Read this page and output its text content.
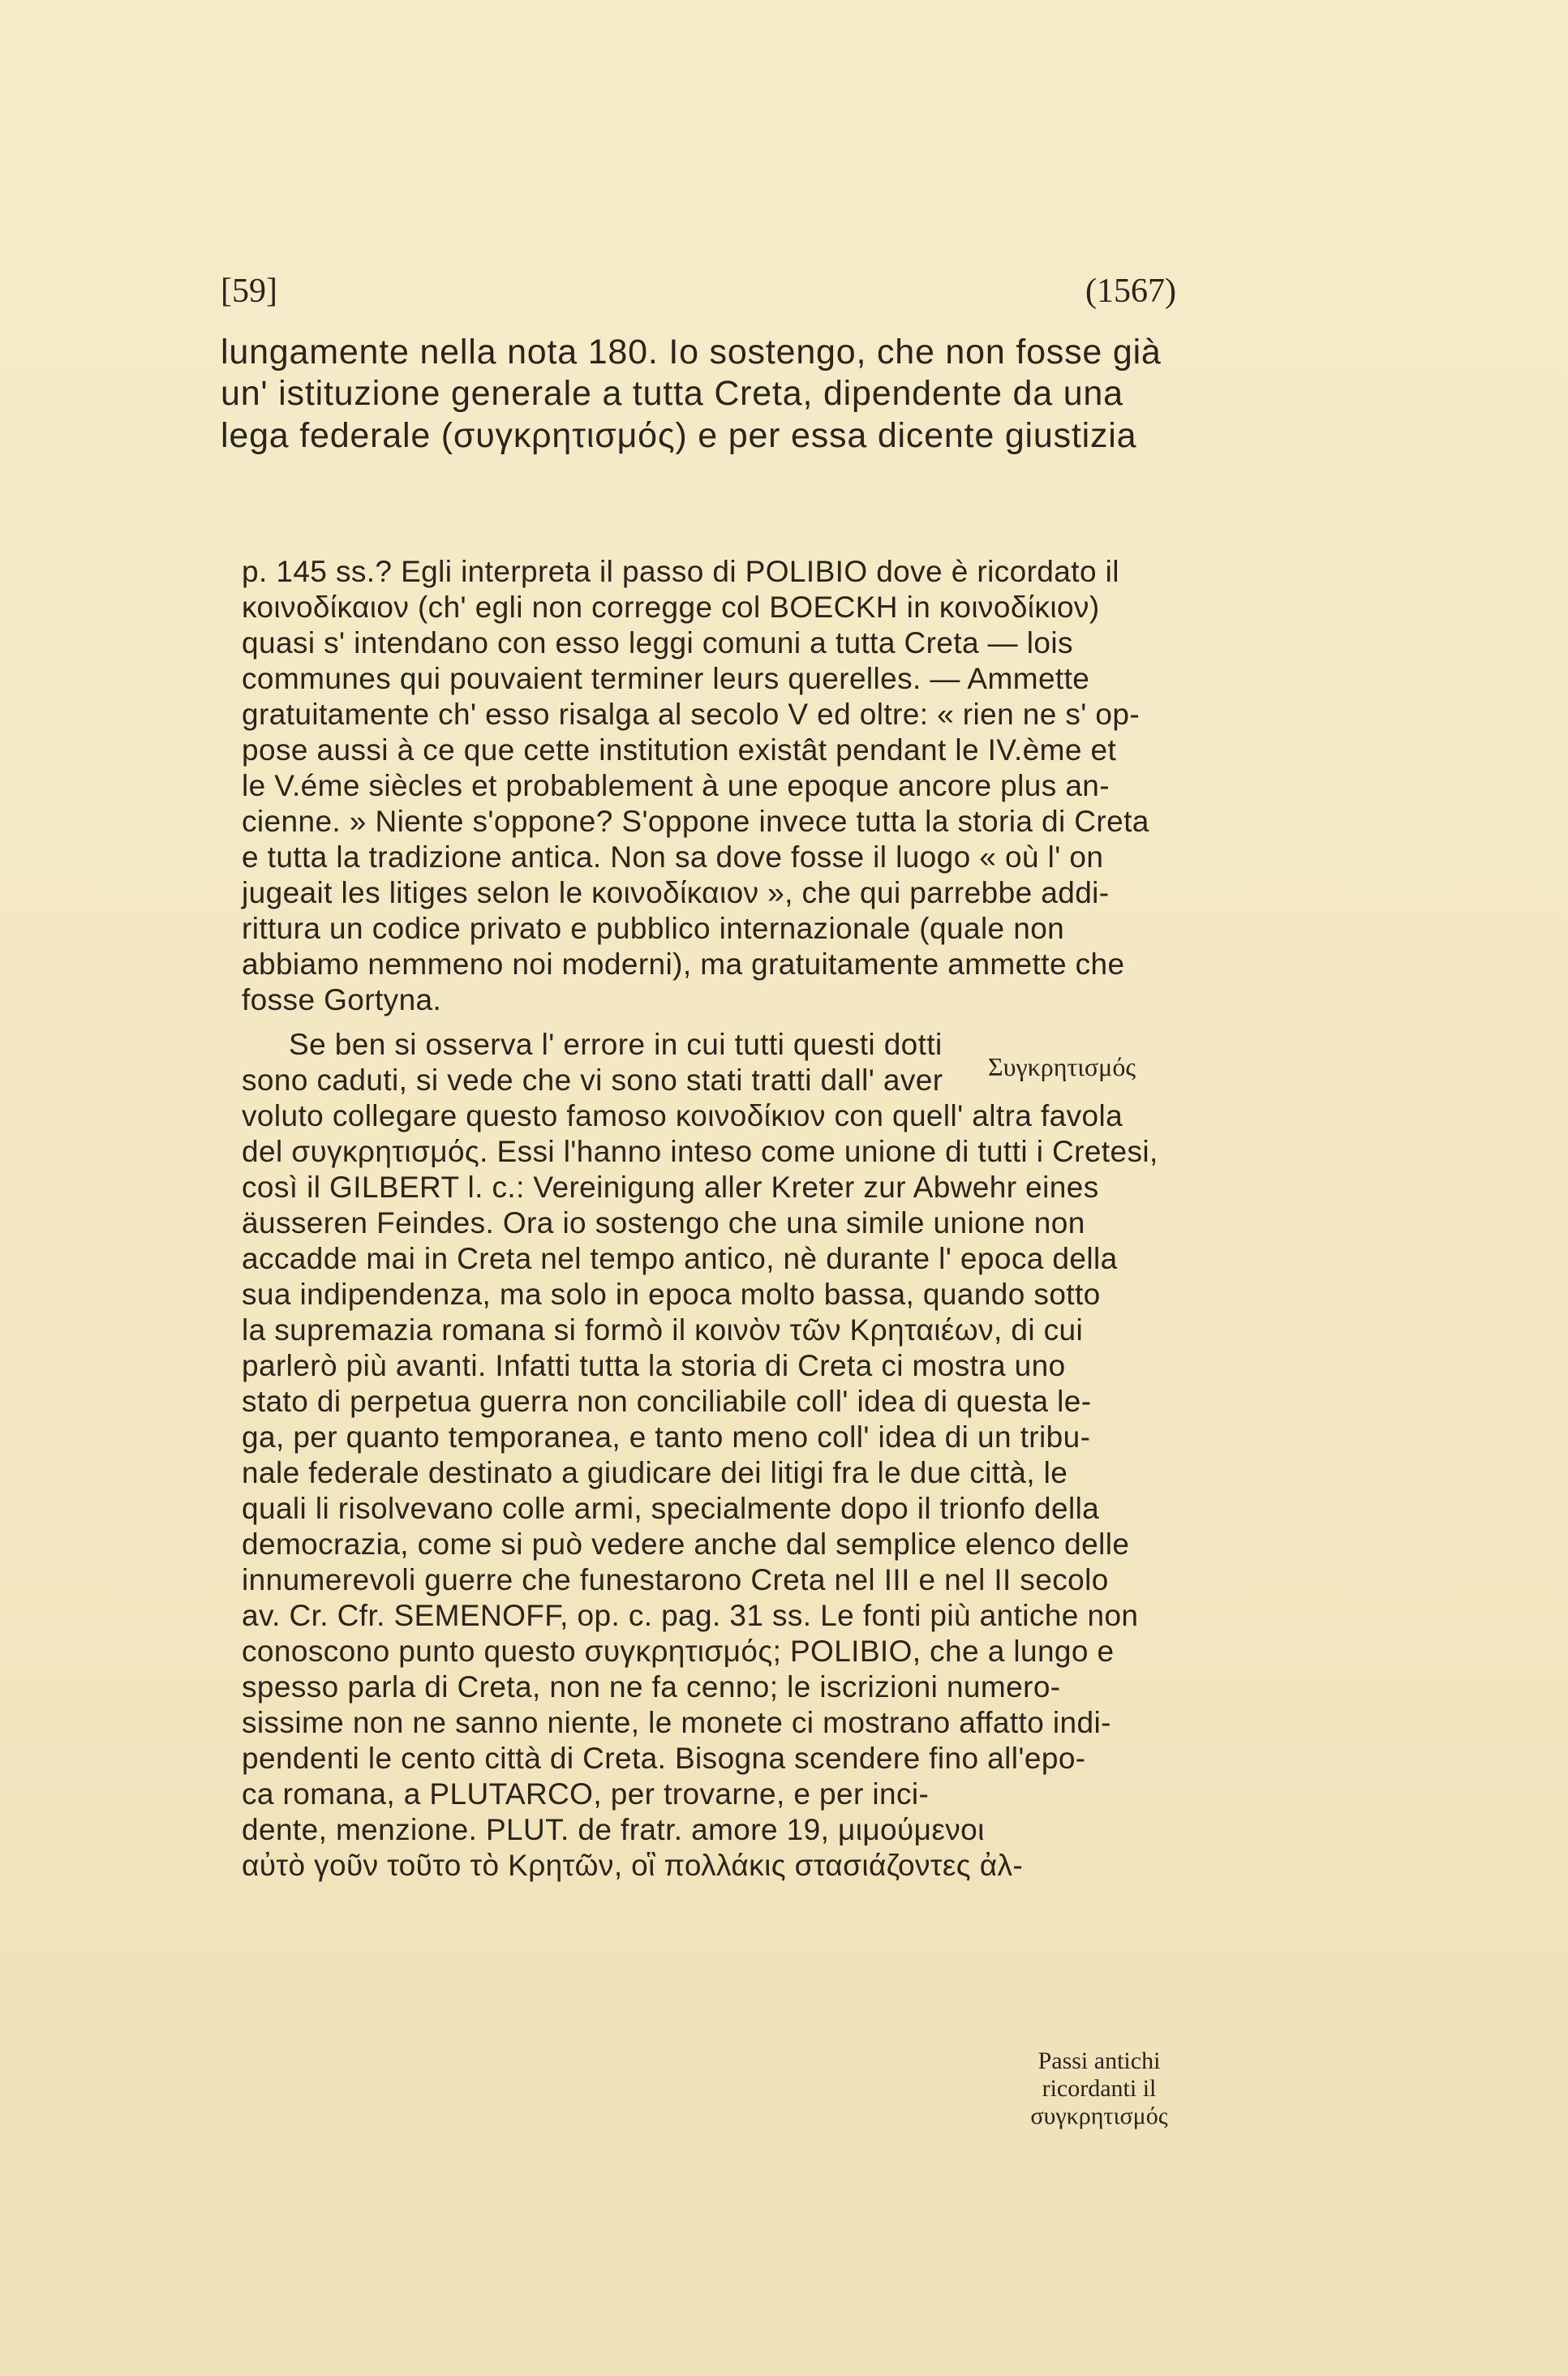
[59]	(1567)
lungamente nella nota 180. Io sostengo, che non fosse già
un' istituzione generale a tutta Creta, dipendente da una
lega federale (συγκρητισμός) e per essa dicente giustizia
p. 145 ss.? Egli interpreta il passo di POLIBIO dove è ricordato il
κοινοδίκαιον (ch' egli non corregge col BOECKH in κοινοδίκιον)
quasi s' intendano con esso leggi comuni a tutta Creta — lois
communes qui pouvaient terminer leurs querelles. — Ammette
gratuitamente ch' esso risalga al secolo V ed oltre: « rien ne s' op-
pose aussi à ce que cette institution existât pendant le IV.ème et
le V.éme siècles et probablement à une epoque ancore plus an-
cienne. » Niente s'oppone? S'oppone invece tutta la storia di Creta
e tutta la tradizione antica. Non sa dove fosse il luogo « où l' on
jugeait les litiges selon le κοινοδίκαιον », che qui parrebbe addi-
rittura un codice privato e pubblico internazionale (quale non
abbiamo nemmeno noi moderni), ma gratuitamente ammette che
fosse Gortyna.
Se ben si osserva l' errore in cui tutti questi dotti
sono caduti, si vede che vi sono stati tratti dall' aver	Συγκρητισμός
voluto collegare questo famoso κοινοδίκιον con quell' altra favola
del συγκρητισμός. Essi l'hanno inteso come unione di tutti i Cretesi,
così il GILBERT l. c.: Vereinigung aller Kreter zur Abwehr eines
äusseren Feindes. Ora io sostengo che una simile unione non
accadde mai in Creta nel tempo antico, nè durante l' epoca della
sua indipendenza, ma solo in epoca molto bassa, quando sotto
la supremazia romana si formò il κοινὸν τῶν Κρηταιέων, di cui
parlerò più avanti. Infatti tutta la storia di Creta ci mostra uno
stato di perpetua guerra non conciliabile coll' idea di questa le-
ga, per quanto temporanea, e tanto meno coll' idea di un tribu-
nale federale destinato a giudicare dei litigi fra le due città, le
quali li risolvevano colle armi, specialmente dopo il trionfo della
democrazia, come si può vedere anche dal semplice elenco delle
innumerevoli guerre che funestarono Creta nel III e nel II secolo
av. Cr. Cfr. SEMENOFF, op. c. pag. 31 ss. Le fonti più antiche non
conoscono punto questo συγκρητισμός; POLIBIO, che a lungo e
spesso parla di Creta, non ne fa cenno; le iscrizioni numero-
sissime non ne sanno niente, le monete ci mostrano affatto indi-
pendenti le cento città di Creta. Bisogna scendere fino all'epo-
ca romana, a PLUTARCO, per trovarne, e per inci-
dente, menzione. PLUT. de fratr. amore 19, μιμούμενοι
αὐτὸ γοῦν τοῦτο τὸ Κρητῶν, οἳ πολλάκις στασιάζοντες ἀλ-
Passi antichi
ricordanti il
συγκρητισμός
